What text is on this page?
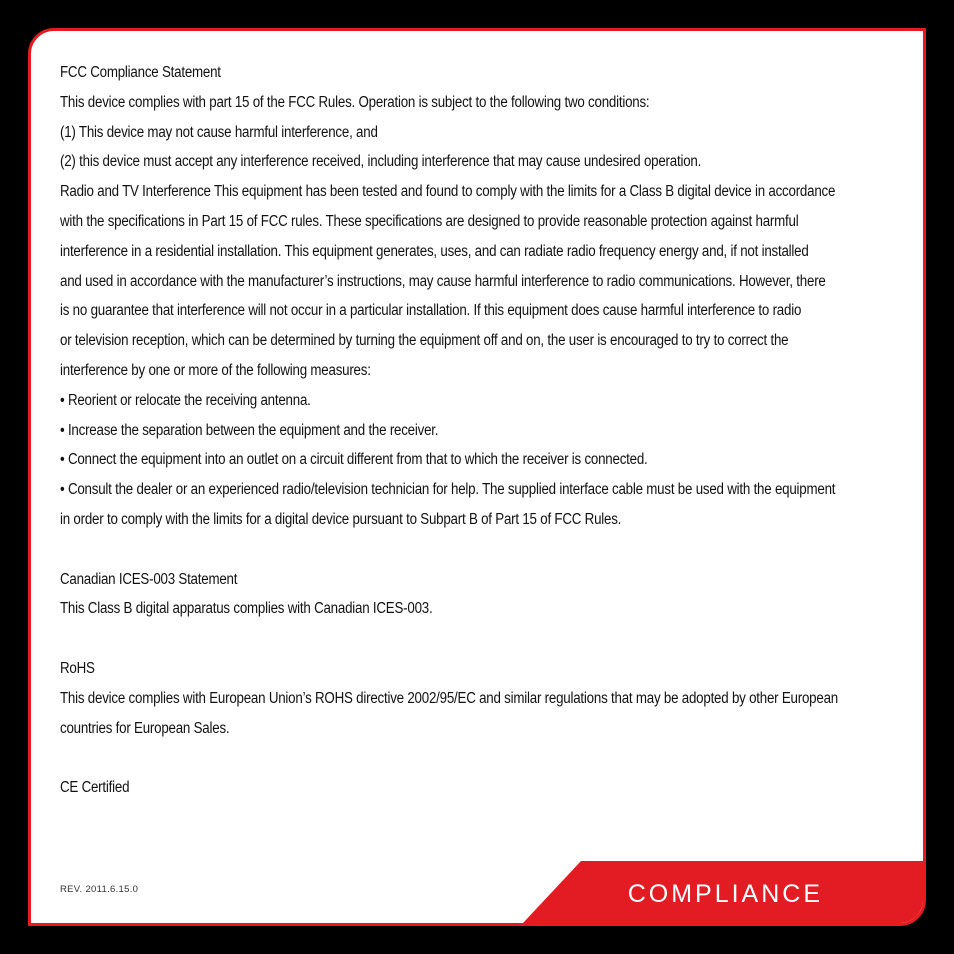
FCC Compliance Statement

This device complies with part 15 of the FCC Rules. Operation is subject to the following two conditions:

(1) This device may not cause harmful interference, and

(2) this device must accept any interference received, including interference that may cause undesired operation.

Radio and TV Interference This equipment has been tested and found to comply with the limits for a Class B digital device in accordance

with the specifications in Part 15 of FCC rules. These specifications are designed to provide reasonable protection against harmful

interference in a residential installation. This equipment generates, uses, and can radiate radio frequency energy and, if not installed

and used in accordance with the manufacturer’s instructions, may cause harmful interference to radio communications. However, there

is no guarantee that interference will not occur in a particular installation. If this equipment does cause harmful interference to radio

or television reception, which can be determined by turning the equipment off and on, the user is encouraged to try to correct the

interference by one or more of the following measures:

• Reorient or relocate the receiving antenna.

• Increase the separation between the equipment and the receiver.

• Connect the equipment into an outlet on a circuit different from that to which the receiver is connected.

• Consult the dealer or an experienced radio/television technician for help. The supplied interface cable must be used with the equipment

in order to comply with the limits for a digital device pursuant to Subpart B of Part 15 of FCC Rules.

Canadian ICES-003 Statement

This Class B digital apparatus complies with Canadian ICES-003.

RoHS

This device complies with European Union’s ROHS directive 2002/95/EC and similar regulations that may be adopted by other European

countries for European Sales.

CE Certified

REV. 2011.6.15.0	COMPLIANCE
